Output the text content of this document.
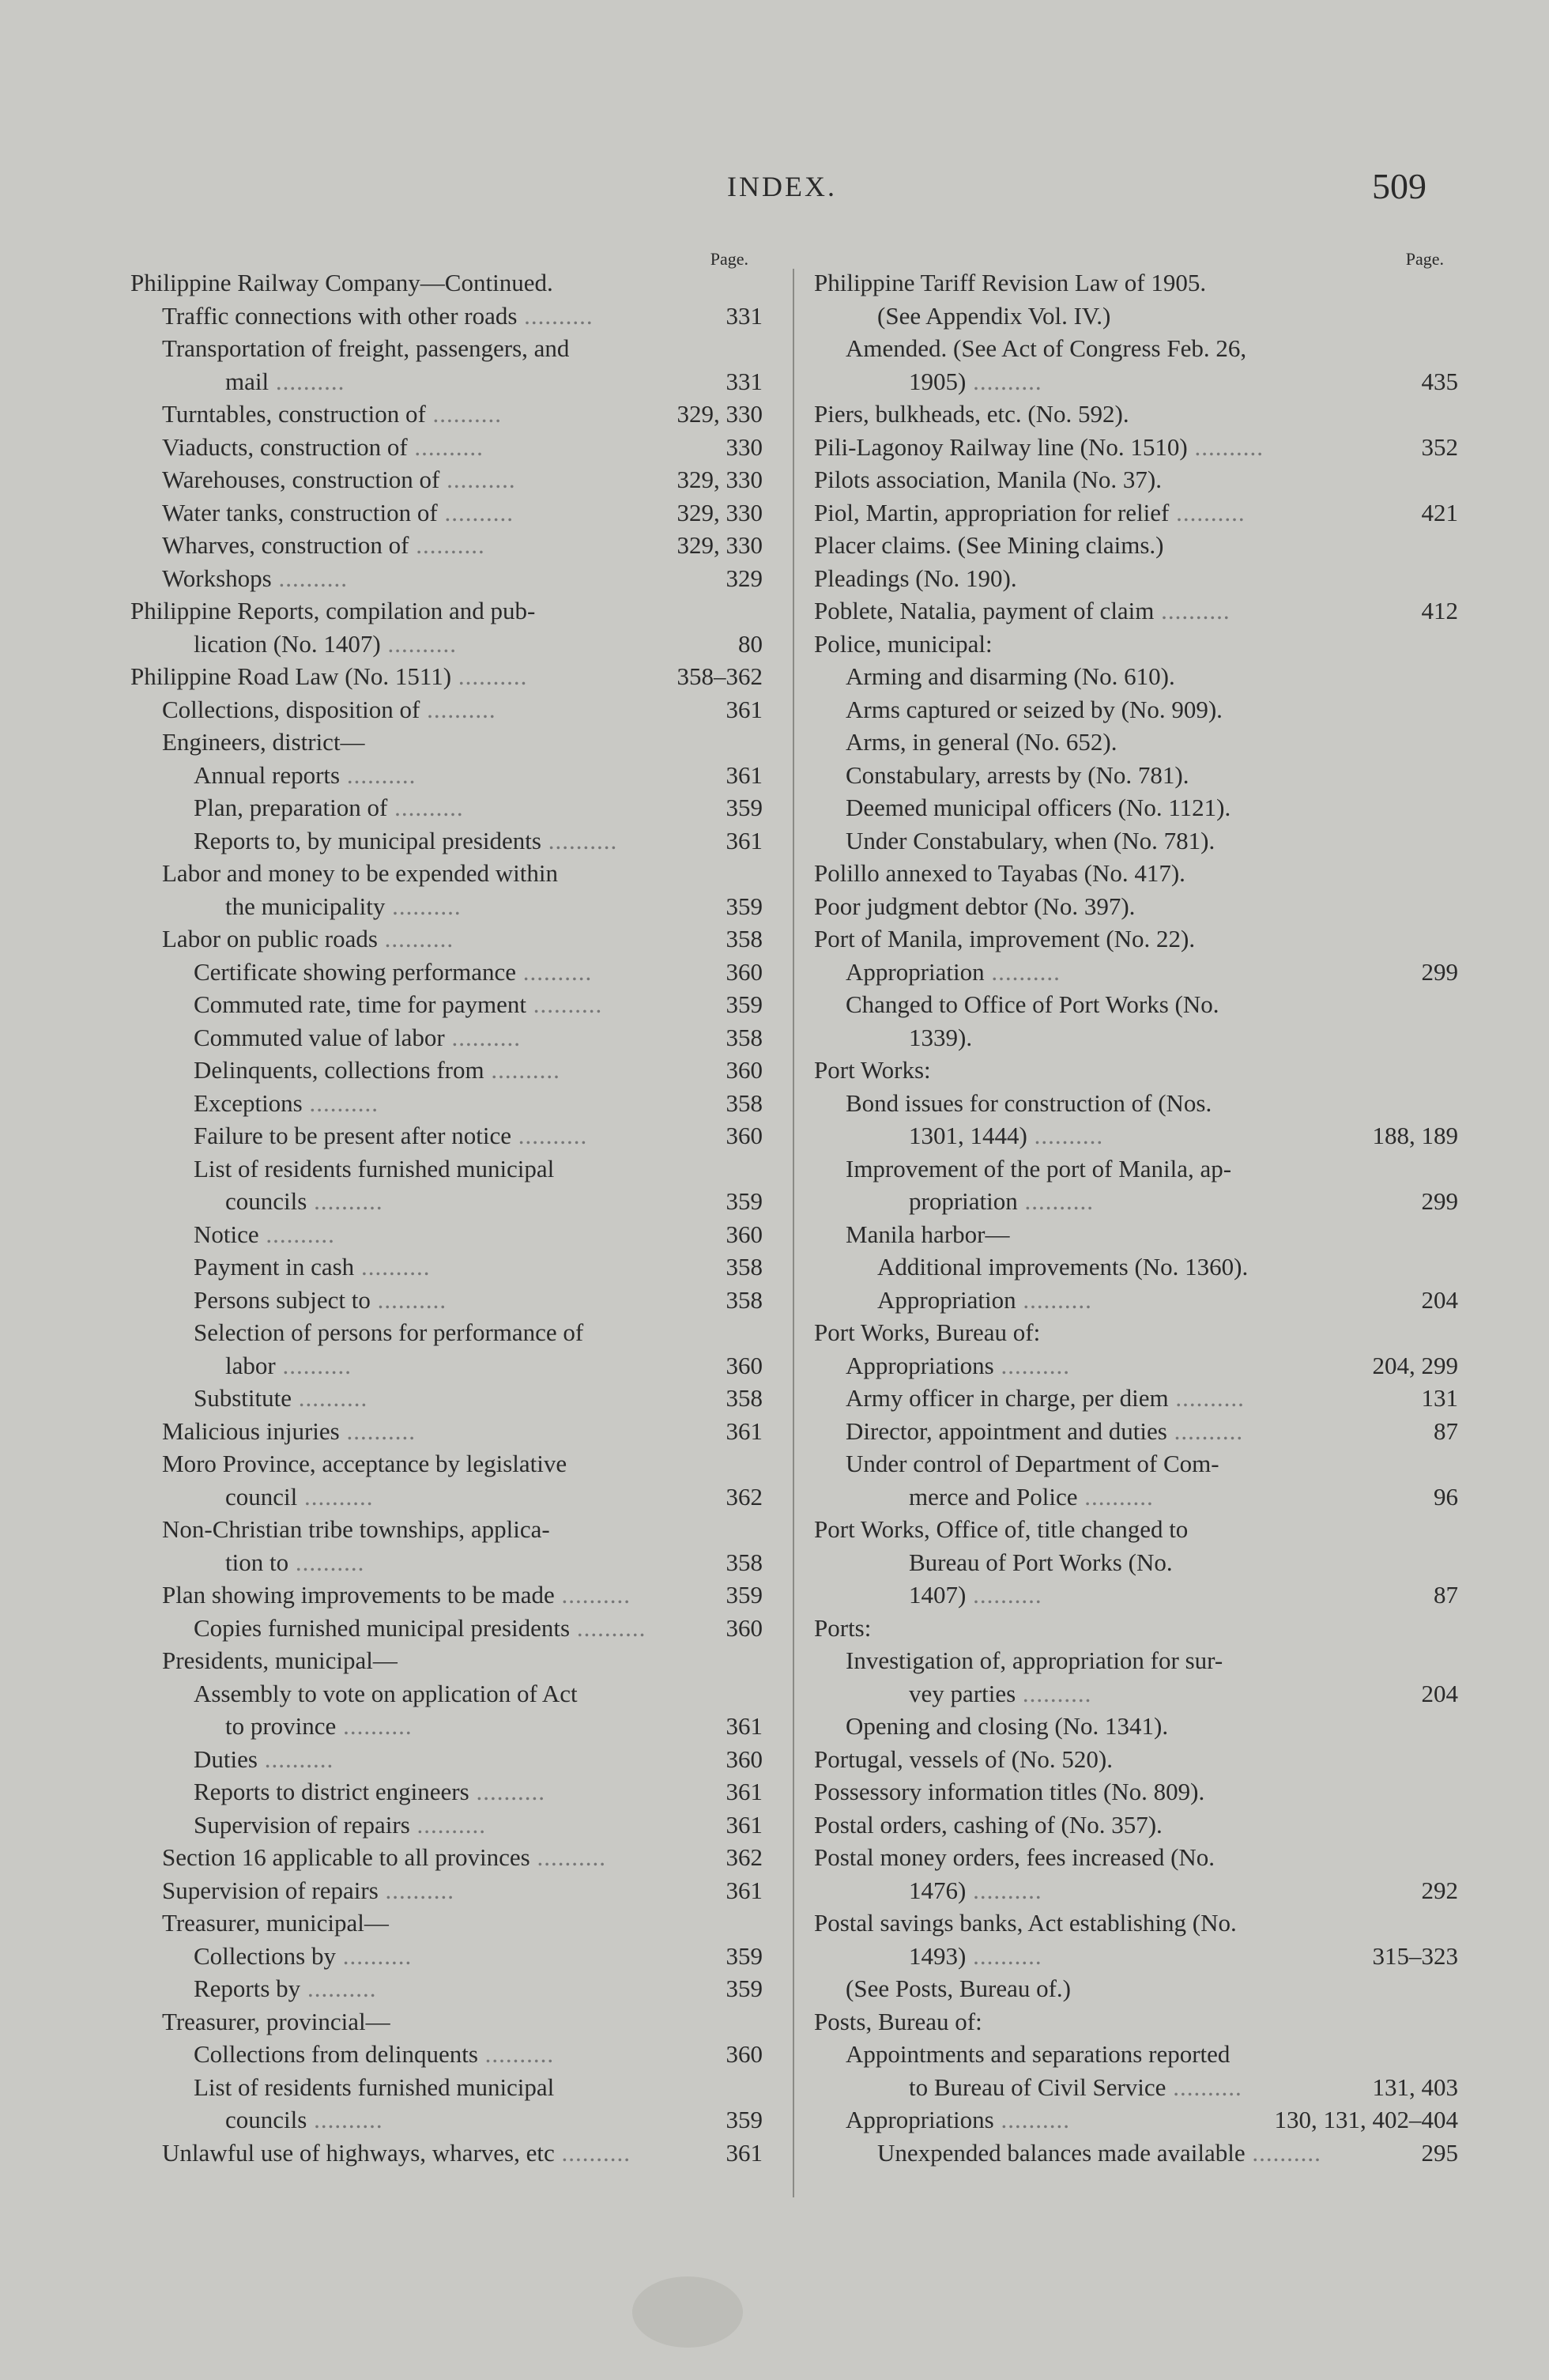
INDEX.	509
Page.
Philippine Railway Company—Continued.
Traffic connections with other roads ..........	331
Transportation of freight, passengers, and
mail ..........	331
Turntables, construction of ..........	329, 330
Viaducts, construction of ..........	330
Warehouses, construction of ..........	329, 330
Water tanks, construction of ..........	329, 330
Wharves, construction of ..........	329, 330
Workshops ..........	329
Philippine Reports, compilation and pub-
lication (No. 1407) ..........	80
Philippine Road Law (No. 1511) ..........	358–362
Collections, disposition of ..........	361
Engineers, district—
Annual reports ..........	361
Plan, preparation of ..........	359
Reports to, by municipal presidents ..........	361
Labor and money to be expended within
the municipality ..........	359
Labor on public roads ..........	358
Certificate showing performance ..........	360
Commuted rate, time for payment ..........	359
Commuted value of labor ..........	358
Delinquents, collections from ..........	360
Exceptions ..........	358
Failure to be present after notice ..........	360
List of residents furnished municipal
councils ..........	359
Notice ..........	360
Payment in cash ..........	358
Persons subject to ..........	358
Selection of persons for performance of
labor ..........	360
Substitute ..........	358
Malicious injuries ..........	361
Moro Province, acceptance by legislative
council ..........	362
Non-Christian tribe townships, applica-
tion to ..........	358
Plan showing improvements to be made ..........	359
Copies furnished municipal presidents ..........	360
Presidents, municipal—
Assembly to vote on application of Act
to province ..........	361
Duties ..........	360
Reports to district engineers ..........	361
Supervision of repairs ..........	361
Section 16 applicable to all provinces ..........	362
Supervision of repairs ..........	361
Treasurer, municipal—
Collections by ..........	359
Reports by ..........	359
Treasurer, provincial—
Collections from delinquents ..........	360
List of residents furnished municipal
councils ..........	359
Unlawful use of highways, wharves, etc ..........	361
Page.
Philippine Tariff Revision Law of 1905.
(See Appendix Vol. IV.)
Amended. (See Act of Congress Feb. 26,
1905) ..........	435
Piers, bulkheads, etc. (No. 592).
Pili-Lagonoy Railway line (No. 1510) ..........	352
Pilots association, Manila (No. 37).
Piol, Martin, appropriation for relief ..........	421
Placer claims. (See Mining claims.)
Pleadings (No. 190).
Poblete, Natalia, payment of claim ..........	412
Police, municipal:
Arming and disarming (No. 610).
Arms captured or seized by (No. 909).
Arms, in general (No. 652).
Constabulary, arrests by (No. 781).
Deemed municipal officers (No. 1121).
Under Constabulary, when (No. 781).
Polillo annexed to Tayabas (No. 417).
Poor judgment debtor (No. 397).
Port of Manila, improvement (No. 22).
Appropriation ..........	299
Changed to Office of Port Works (No.
1339).
Port Works:
Bond issues for construction of (Nos.
1301, 1444) ..........	188, 189
Improvement of the port of Manila, ap-
propriation ..........	299
Manila harbor—
Additional improvements (No. 1360).
Appropriation ..........	204
Port Works, Bureau of:
Appropriations ..........	204, 299
Army officer in charge, per diem ..........	131
Director, appointment and duties ..........	87
Under control of Department of Com-
merce and Police ..........	96
Port Works, Office of, title changed to
Bureau of Port Works (No.
1407) ..........	87
Ports:
Investigation of, appropriation for sur-
vey parties ..........	204
Opening and closing (No. 1341).
Portugal, vessels of (No. 520).
Possessory information titles (No. 809).
Postal orders, cashing of (No. 357).
Postal money orders, fees increased (No.
1476) ..........	292
Postal savings banks, Act establishing (No.
1493) ..........	315–323
(See Posts, Bureau of.)
Posts, Bureau of:
Appointments and separations reported
to Bureau of Civil Service ..........	131, 403
Appropriations ..........	130, 131, 402–404
Unexpended balances made available ..........	295
